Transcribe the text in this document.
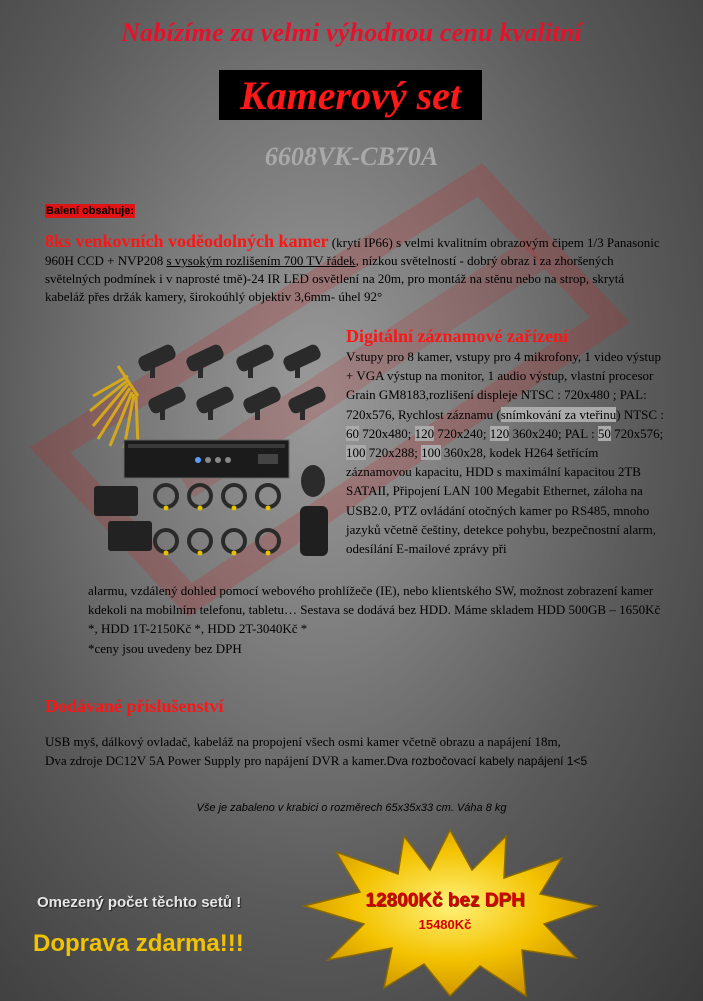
Nabízíme za velmi výhodnou cenu kvalitní
Kamerový set
6608VK-CB70A
Balení obsahuje:
8ks venkovních voděodolných kamer (krytí IP66) s velmi kvalitním obrazovým čipem 1/3 Panasonic 960H CCD + NVP208 s vysokým rozlišením 700 TV řádek, nízkou světelností - dobrý obraz i za zhoršených světelných podmínek i v naprosté tmě)-24 IR LED osvětlení na 20m, pro montáž na stěnu nebo na strop, skrytá kabeláž přes držák kamery, širokoúhlý objektiv 3,6mm- úhel 92°
Digitální záznamové zařízení
Vstupy pro 8 kamer, vstupy pro 4 mikrofony, 1 video výstup + VGA výstup na monitor, 1 audio výstup, vlastní procesor Grain GM8183,rozlišení displeje NTSC : 720x480 ; PAL: 720x576, Rychlost záznamu (snímkování za vteřinu) NTSC : 60 720x480; 120 720x240; 120 360x240; PAL : 50 720x576; 100 720x288; 100 360x28, kodek H264 šetřícím záznamovou kapacitu, HDD s maximální kapacitou 2TB SATAII, Připojení LAN 100 Megabit Ethernet, záloha na USB2.0, PTZ ovládání otočných kamer po RS485, mnoho jazyků včetně češtiny, detekce pohybu, bezpečnostní alarm, odesílání E-mailové zprávy při
alarmu, vzdálený dohled pomocí webového prohlížeče (IE), nebo klientského SW, možnost zobrazení kamer kdekoli na mobilním telefonu, tabletu… Sestava se dodává bez HDD. Máme skladem HDD 500GB – 1650Kč *, HDD 1T-2150Kč *, HDD 2T-3040Kč *
*ceny jsou uvedeny bez DPH
Dodávané příslušenství
USB myš, dálkový ovladač, kabeláž na propojení všech osmi kamer včetně obrazu a napájení 18m,
Dva zdroje DC12V 5A Power Supply pro napájení DVR a kamer.Dva rozbočovací kabely napájení 1<5
Vše je zabaleno v krabici o rozměrech 65x35x33 cm. Váha 8 kg
Omezený počet těchto setů !
Doprava zdarma!!!
12800Kč bez DPH
15480Kč
